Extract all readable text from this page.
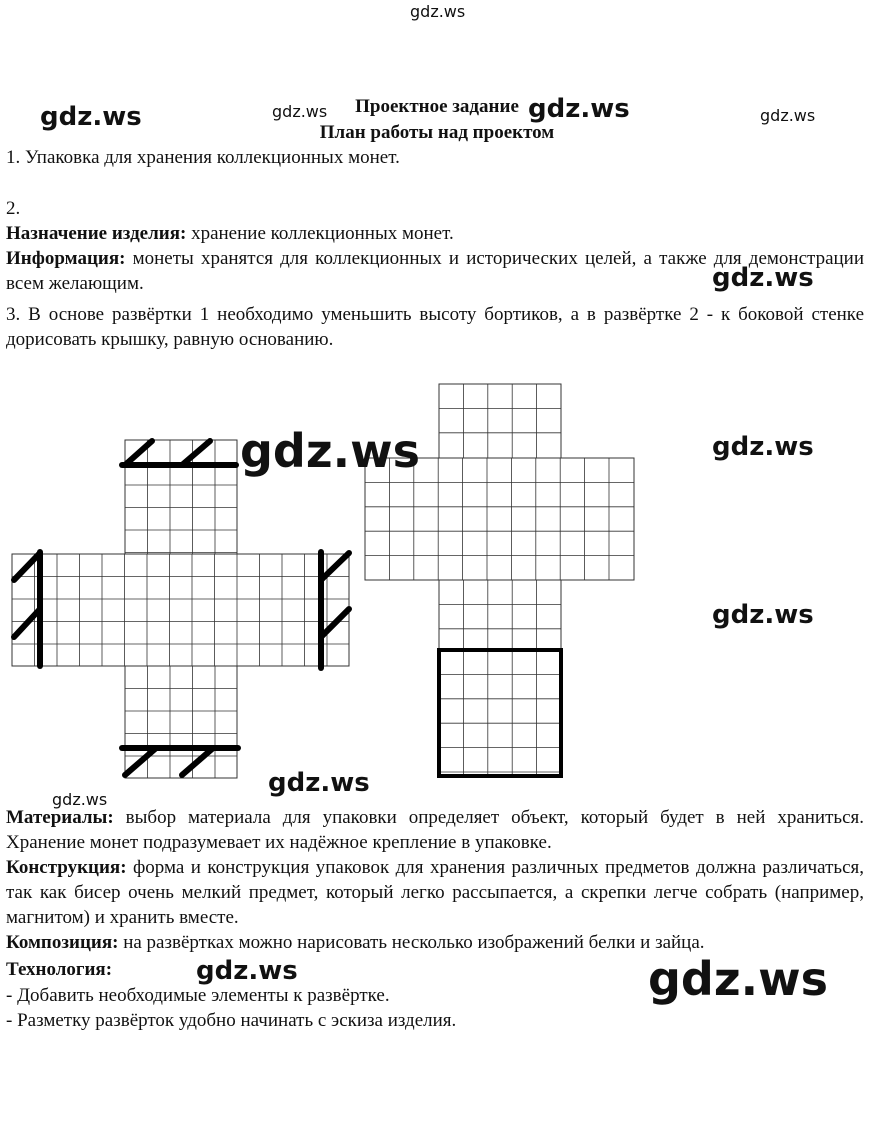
gdz.ws
Проектное задание
План работы над проектом
1. Упаковка для хранения коллекционных монет.
2.
Назначение изделия: хранение коллекционных монет.
Информация: монеты хранятся для коллекционных и исторических целей, а также для демонстрации всем желающим.
3. В основе развёртки 1 необходимо уменьшить высоту бортиков, а в развёртке 2 - к боковой стенке дорисовать крышку, равную основанию.
Материалы: выбор материала для упаковки определяет объект, который будет в ней храниться. Хранение монет подразумевает их надёжное крепление в упаковке.
Конструкция: форма и конструкция упаковок для хранения различных предметов должна различаться, так как бисер очень мелкий предмет, который легко рассыпается, а скрепки легче собрать (например, магнитом) и хранить вместе.
Композиция: на развёртках можно нарисовать несколько изображений белки и зайца.
Технология:
- Добавить необходимые элементы к развёртке.
- Разметку развёрток удобно начинать с эскиза изделия.
gdz.ws	gdz.ws	gdz.ws	gdz.ws
gdz.ws
gdz.ws	gdz.ws
gdz.ws
gdz.ws
gdz.ws
gdz.ws	gdz.ws
